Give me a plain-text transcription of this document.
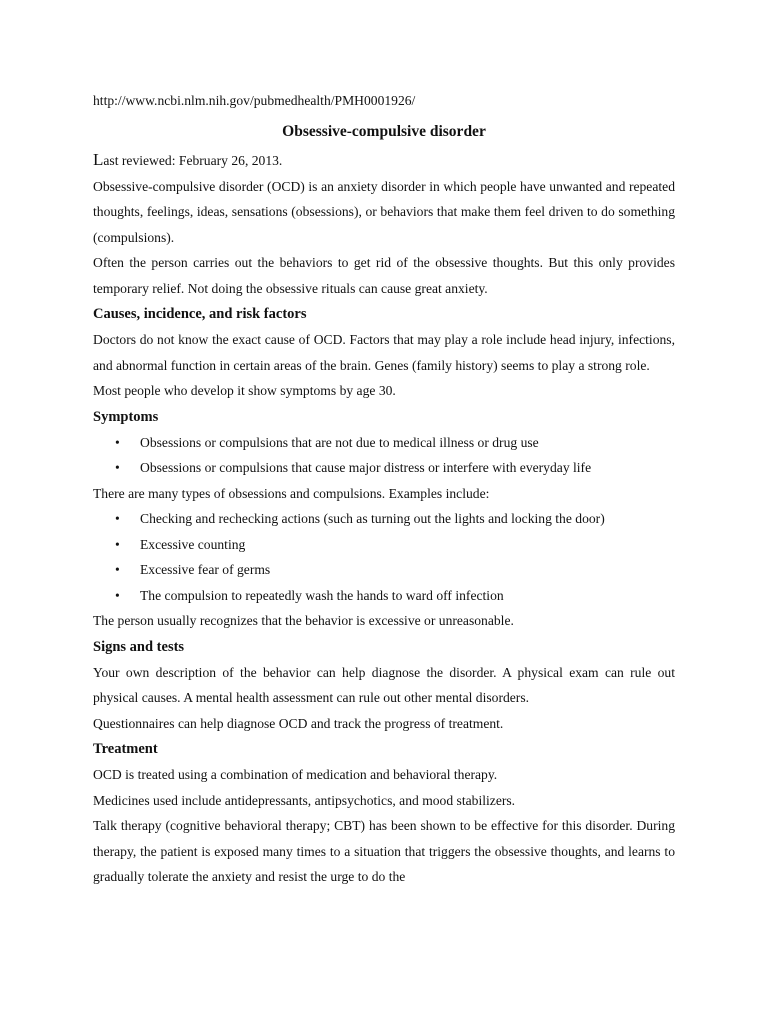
http://www.ncbi.nlm.nih.gov/pubmedhealth/PMH0001926/
Obsessive-compulsive disorder

Last reviewed: February 26, 2013.

Obsessive-compulsive disorder (OCD) is an anxiety disorder in which people have unwanted and repeated thoughts, feelings, ideas, sensations (obsessions), or behaviors that make them feel driven to do something (compulsions).

Often the person carries out the behaviors to get rid of the obsessive thoughts. But this only provides temporary relief. Not doing the obsessive rituals can cause great anxiety.

Causes, incidence, and risk factors

Doctors do not know the exact cause of OCD. Factors that may play a role include head injury, infections, and abnormal function in certain areas of the brain. Genes (family history) seems to play a strong role.

Most people who develop it show symptoms by age 30.

Symptoms
• Obsessions or compulsions that are not due to medical illness or drug use
• Obsessions or compulsions that cause major distress or interfere with everyday life

There are many types of obsessions and compulsions. Examples include:

• Checking and rechecking actions (such as turning out the lights and locking the door)
• Excessive counting
• Excessive fear of germs
• The compulsion to repeatedly wash the hands to ward off infection

The person usually recognizes that the behavior is excessive or unreasonable.

Signs and tests

Your own description of the behavior can help diagnose the disorder. A physical exam can rule out physical causes. A mental health assessment can rule out other mental disorders.

Questionnaires can help diagnose OCD and track the progress of treatment.

Treatment

OCD is treated using a combination of medication and behavioral therapy.

Medicines used include antidepressants, antipsychotics, and mood stabilizers.

Talk therapy (cognitive behavioral therapy; CBT) has been shown to be effective for this disorder. During therapy, the patient is exposed many times to a situation that triggers the obsessive thoughts, and learns to gradually tolerate the anxiety and resist the urge to do the
